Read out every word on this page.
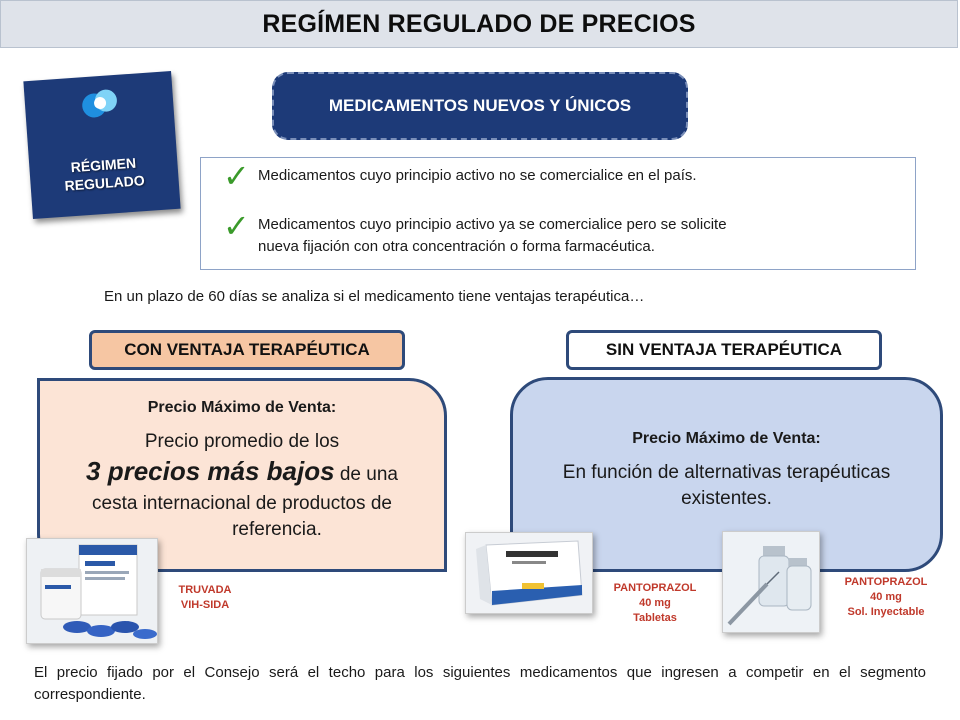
REGÍMEN REGULADO DE PRECIOS
RÉGIMEN
REGULADO
MEDICAMENTOS NUEVOS Y ÚNICOS
✓ Medicamentos cuyo principio activo no se comercialice en el país.
✓ Medicamentos cuyo principio activo ya se comercialice pero se solicite
nueva fijación con otra concentración o forma farmacéutica.
En un plazo de 60 días se analiza si el medicamento tiene ventajas terapéutica…
CON VENTAJA TERAPÉUTICA	SIN VENTAJA TERAPÉUTICA
Precio Máximo de Venta:
Precio promedio de los
3 precios más bajos de una
cesta internacional de productos de
referencia.
Precio Máximo de Venta:
En función de alternativas terapéuticas
existentes.
TRUVADA
VIH-SIDA
PANTOPRAZOL
40 mg
Tabletas
PANTOPRAZOL
40 mg
Sol. Inyectable
El precio fijado por el Consejo será el techo para los siguientes medicamentos que ingresen a competir en el segmento correspondiente.
